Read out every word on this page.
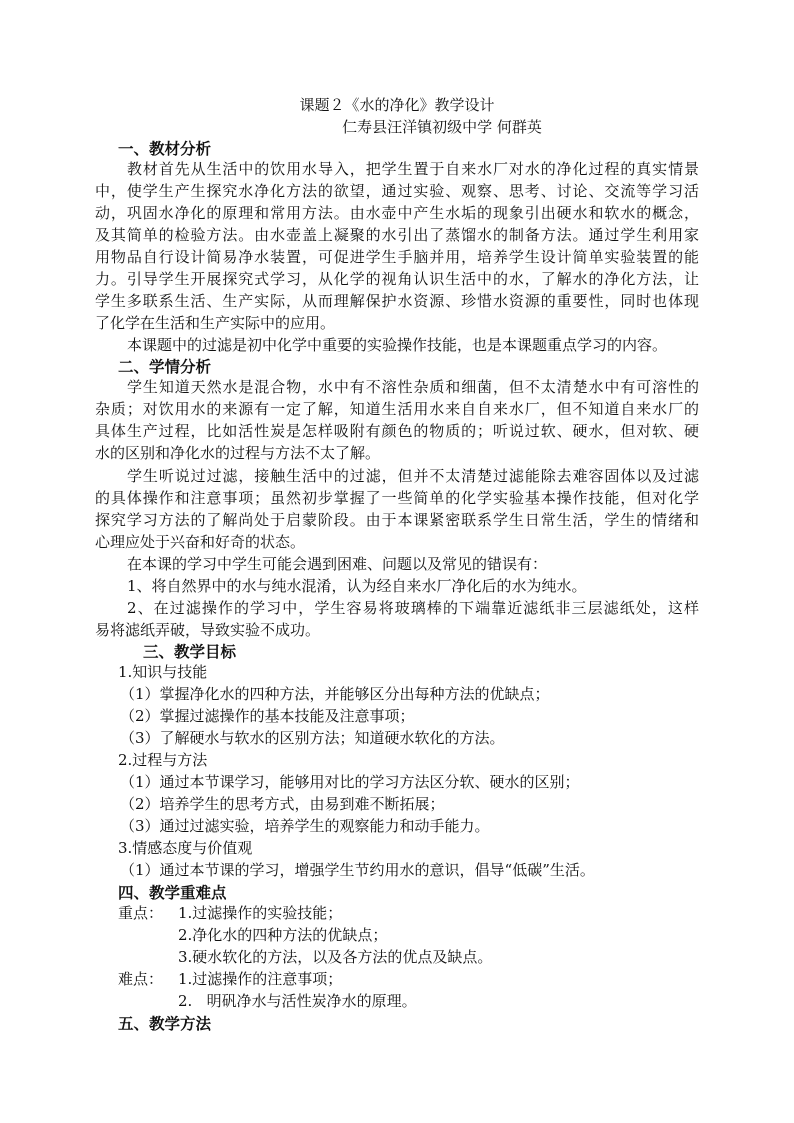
课题２《水的净化》教学设计
仁寿县汪洋镇初级中学 何群英
一、教材分析
教材首先从生活中的饮用水导入，把学生置于自来水厂对水的净化过程的真实情景
中，使学生产生探究水净化方法的欲望，通过实验、观察、思考、讨论、交流等学习活
动，巩固水净化的原理和常用方法。由水壶中产生水垢的现象引出硬水和软水的概念，
及其简单的检验方法。由水壶盖上凝聚的水引出了蒸馏水的制备方法。通过学生利用家
用物品自行设计简易净水装置，可促进学生手脑并用，培养学生设计简单实验装置的能
力。引导学生开展探究式学习，从化学的视角认识生活中的水，了解水的净化方法，让
学生多联系生活、生产实际，从而理解保护水资源、珍惜水资源的重要性，同时也体现
了化学在生活和生产实际中的应用。
本课题中的过滤是初中化学中重要的实验操作技能，也是本课题重点学习的内容。
二、学情分析
学生知道天然水是混合物，水中有不溶性杂质和细菌，但不太清楚水中有可溶性的
杂质；对饮用水的来源有一定了解，知道生活用水来自自来水厂，但不知道自来水厂的
具体生产过程，比如活性炭是怎样吸附有颜色的物质的；听说过软、硬水，但对软、硬
水的区别和净化水的过程与方法不太了解。
学生听说过过滤，接触生活中的过滤，但并不太清楚过滤能除去难容固体以及过滤
的具体操作和注意事项；虽然初步掌握了一些简单的化学实验基本操作技能，但对化学
探究学习方法的了解尚处于启蒙阶段。由于本课紧密联系学生日常生活，学生的情绪和
心理应处于兴奋和好奇的状态。
在本课的学习中学生可能会遇到困难、问题以及常见的错误有：
1、将自然界中的水与纯水混淆，认为经自来水厂净化后的水为纯水。
2、在过滤操作的学习中，学生容易将玻璃棒的下端靠近滤纸非三层滤纸处，这样
易将滤纸弄破，导致实验不成功。
三、教学目标
1.知识与技能
（1）掌握净化水的四种方法，并能够区分出每种方法的优缺点；
（2）掌握过滤操作的基本技能及注意事项；
（3）了解硬水与软水的区别方法；知道硬水软化的方法。
2.过程与方法
（1）通过本节课学习，能够用对比的学习方法区分软、硬水的区别；
（2）培养学生的思考方式，由易到难不断拓展；
（3）通过过滤实验，培养学生的观察能力和动手能力。
3.情感态度与价值观
（1）通过本节课的学习，增强学生节约用水的意识，倡导“低碳”生活。
四、教学重难点
重点： 1.过滤操作的实验技能；
2.净化水的四种方法的优缺点；
3.硬水软化的方法，以及各方法的优点及缺点。
难点： 1.过滤操作的注意事项；
2.   明矾净水与活性炭净水的原理。
五、教学方法
